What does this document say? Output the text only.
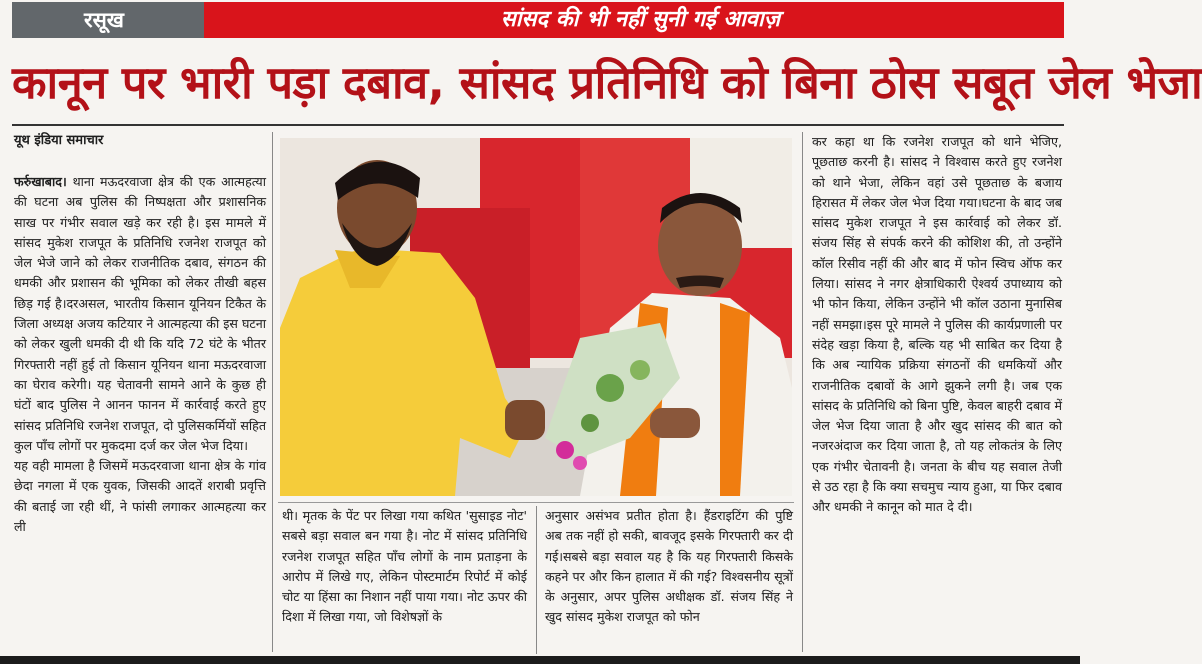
रसूख	सांसद की भी नहीं सुनी गई आवाज़
कानून पर भारी पड़ा दबाव, सांसद प्रतिनिधि को बिना ठोस सबूत जेल भेजा
यूथ इंडिया समाचार

फर्रुखाबाद। थाना मऊदरवाजा क्षेत्र की एक आत्महत्या की घटना अब पुलिस की निष्पक्षता और प्रशासनिक साख पर गंभीर सवाल खड़े कर रही है। इस मामले में सांसद मुकेश राजपूत के प्रतिनिधि रजनेश राजपूत को जेल भेजे जाने को लेकर राजनीतिक दबाव, संगठन की धमकी और प्रशासन की भूमिका को लेकर तीखी बहस छिड़ गई है।दरअसल, भारतीय किसान यूनियन टिकैत के जिला अध्यक्ष अजय कटियार ने आत्महत्या की इस घटना को लेकर खुली धमकी दी थी कि यदि 72 घंटे के भीतर गिरफ्तारी नहीं हुई तो किसान यूनियन थाना मऊदरवाजा का घेराव करेगी। यह चेतावनी सामने आने के कुछ ही घंटों बाद पुलिस ने आनन फानन में कार्रवाई करते हुए सांसद प्रतिनिधि रजनेश राजपूत, दो पुलिसकर्मियों सहित कुल पाँच लोगों पर मुकदमा दर्ज कर जेल भेज दिया।

यह वही मामला है जिसमें मऊदरवाजा थाना क्षेत्र के गांव छेदा नगला में एक युवक, जिसकी आदतें शराबी प्रवृत्ति की बताई जा रही थीं, ने फांसी लगाकर आत्महत्या कर ली

थी। मृतक के पेंट पर लिखा गया कथित 'सुसाइड नोट' सबसे बड़ा सवाल बन गया है। नोट में सांसद प्रतिनिधि रजनेश राजपूत सहित पाँच लोगों के नाम प्रताड़ना के आरोप में लिखे गए, लेकिन पोस्टमार्टम रिपोर्ट में कोई चोट या हिंसा का निशान नहीं पाया गया। नोट ऊपर की दिशा में लिखा गया, जो विशेषज्ञों के

अनुसार असंभव प्रतीत होता है। हैंडराइटिंग की पुष्टि अब तक नहीं हो सकी, बावजूद इसके गिरफ्तारी कर दी गई।सबसे बड़ा सवाल यह है कि यह गिरफ्तारी किसके कहने पर और किन हालात में की गई? विश्वसनीय सूत्रों के अनुसार, अपर पुलिस अधीक्षक डॉ. संजय सिंह ने खुद सांसद मुकेश राजपूत को फोन

कर कहा था कि रजनेश राजपूत को थाने भेजिए, पूछताछ करनी है। सांसद ने विश्वास करते हुए रजनेश को थाने भेजा, लेकिन वहां उसे पूछताछ के बजाय हिरासत में लेकर जेल भेज दिया गया।घटना के बाद जब सांसद मुकेश राजपूत ने इस कार्रवाई को लेकर डॉ. संजय सिंह से संपर्क करने की कोशिश की, तो उन्होंने कॉल रिसीव नहीं की और बाद में फोन स्विच ऑफ कर लिया। सांसद ने नगर क्षेत्राधिकारी ऐश्वर्य उपाध्याय को भी फोन किया, लेकिन उन्होंने भी कॉल उठाना मुनासिब नहीं समझा।इस पूरे मामले ने पुलिस की कार्यप्रणाली पर संदेह खड़ा किया है, बल्कि यह भी साबित कर दिया है कि अब न्यायिक प्रक्रिया संगठनों की धमकियों और राजनीतिक दबावों के आगे झुकने लगी है। जब एक सांसद के प्रतिनिधि को बिना पुष्टि, केवल बाहरी दबाव में जेल भेज दिया जाता है और खुद सांसद की बात को नजरअंदाज कर दिया जाता है, तो यह लोकतंत्र के लिए एक गंभीर चेतावनी है। जनता के बीच यह सवाल तेजी से उठ रहा है कि क्या सचमुच न्याय हुआ, या फिर दबाव और धमकी ने कानून को मात दे दी।
